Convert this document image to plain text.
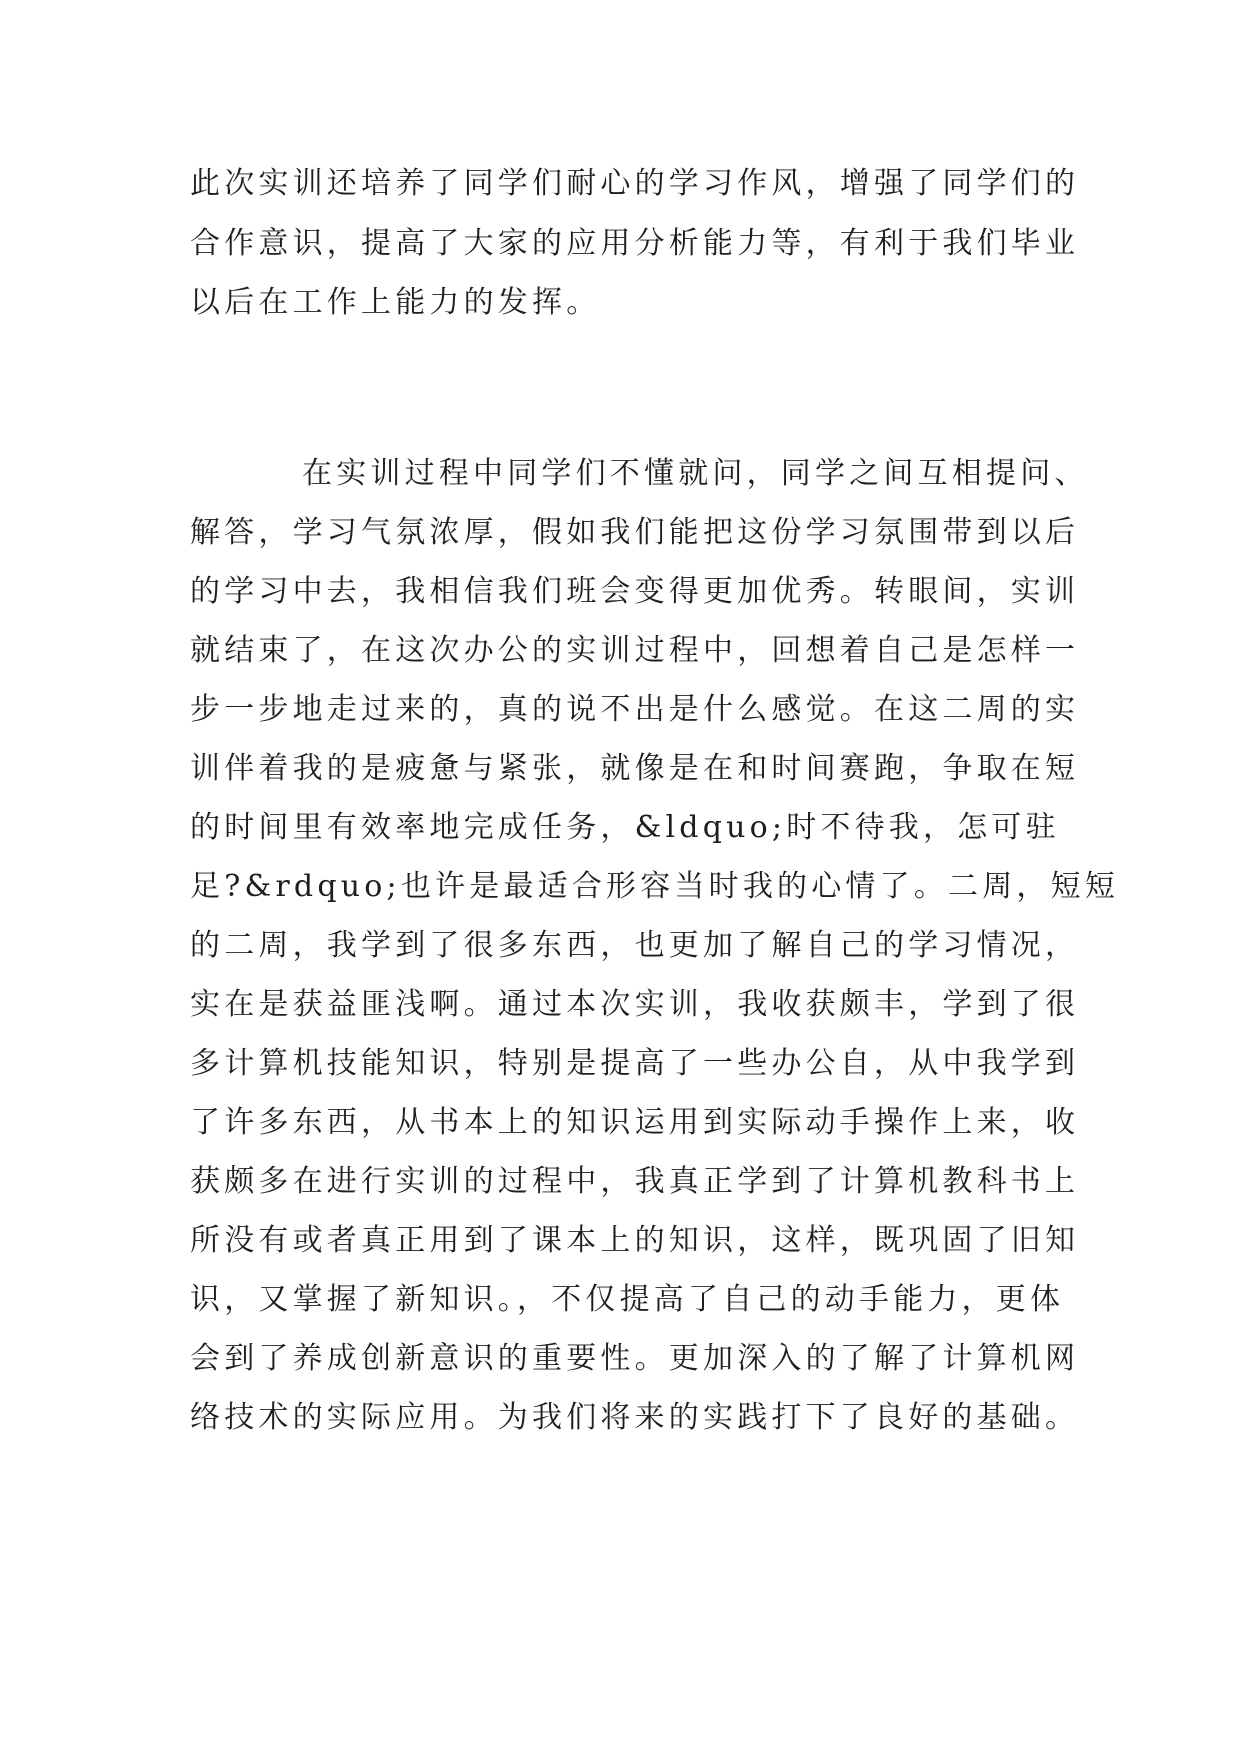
此次实训还培养了同学们耐心的学习作风，增强了同学们的
合作意识，提高了大家的应用分析能力等，有利于我们毕业
以后在工作上能力的发挥。
在实训过程中同学们不懂就问，同学之间互相提问、
解答，学习气氛浓厚，假如我们能把这份学习氛围带到以后
的学习中去，我相信我们班会变得更加优秀。转眼间，实训
就结束了，在这次办公的实训过程中，回想着自己是怎样一
步一步地走过来的，真的说不出是什么感觉。在这二周的实
训伴着我的是疲惫与紧张，就像是在和时间赛跑，争取在短
的时间里有效率地完成任务，&ldquo;时不待我，怎可驻
足?&rdquo;也许是最适合形容当时我的心情了。二周，短短
的二周，我学到了很多东西，也更加了解自己的学习情况，
实在是获益匪浅啊。通过本次实训，我收获颇丰，学到了很
多计算机技能知识，特别是提高了一些办公自，从中我学到
了许多东西，从书本上的知识运用到实际动手操作上来，收
获颇多在进行实训的过程中，我真正学到了计算机教科书上
所没有或者真正用到了课本上的知识，这样，既巩固了旧知
识，又掌握了新知识。，不仅提高了自己的动手能力，更体
会到了养成创新意识的重要性。更加深入的了解了计算机网
络技术的实际应用。为我们将来的实践打下了良好的基础。
